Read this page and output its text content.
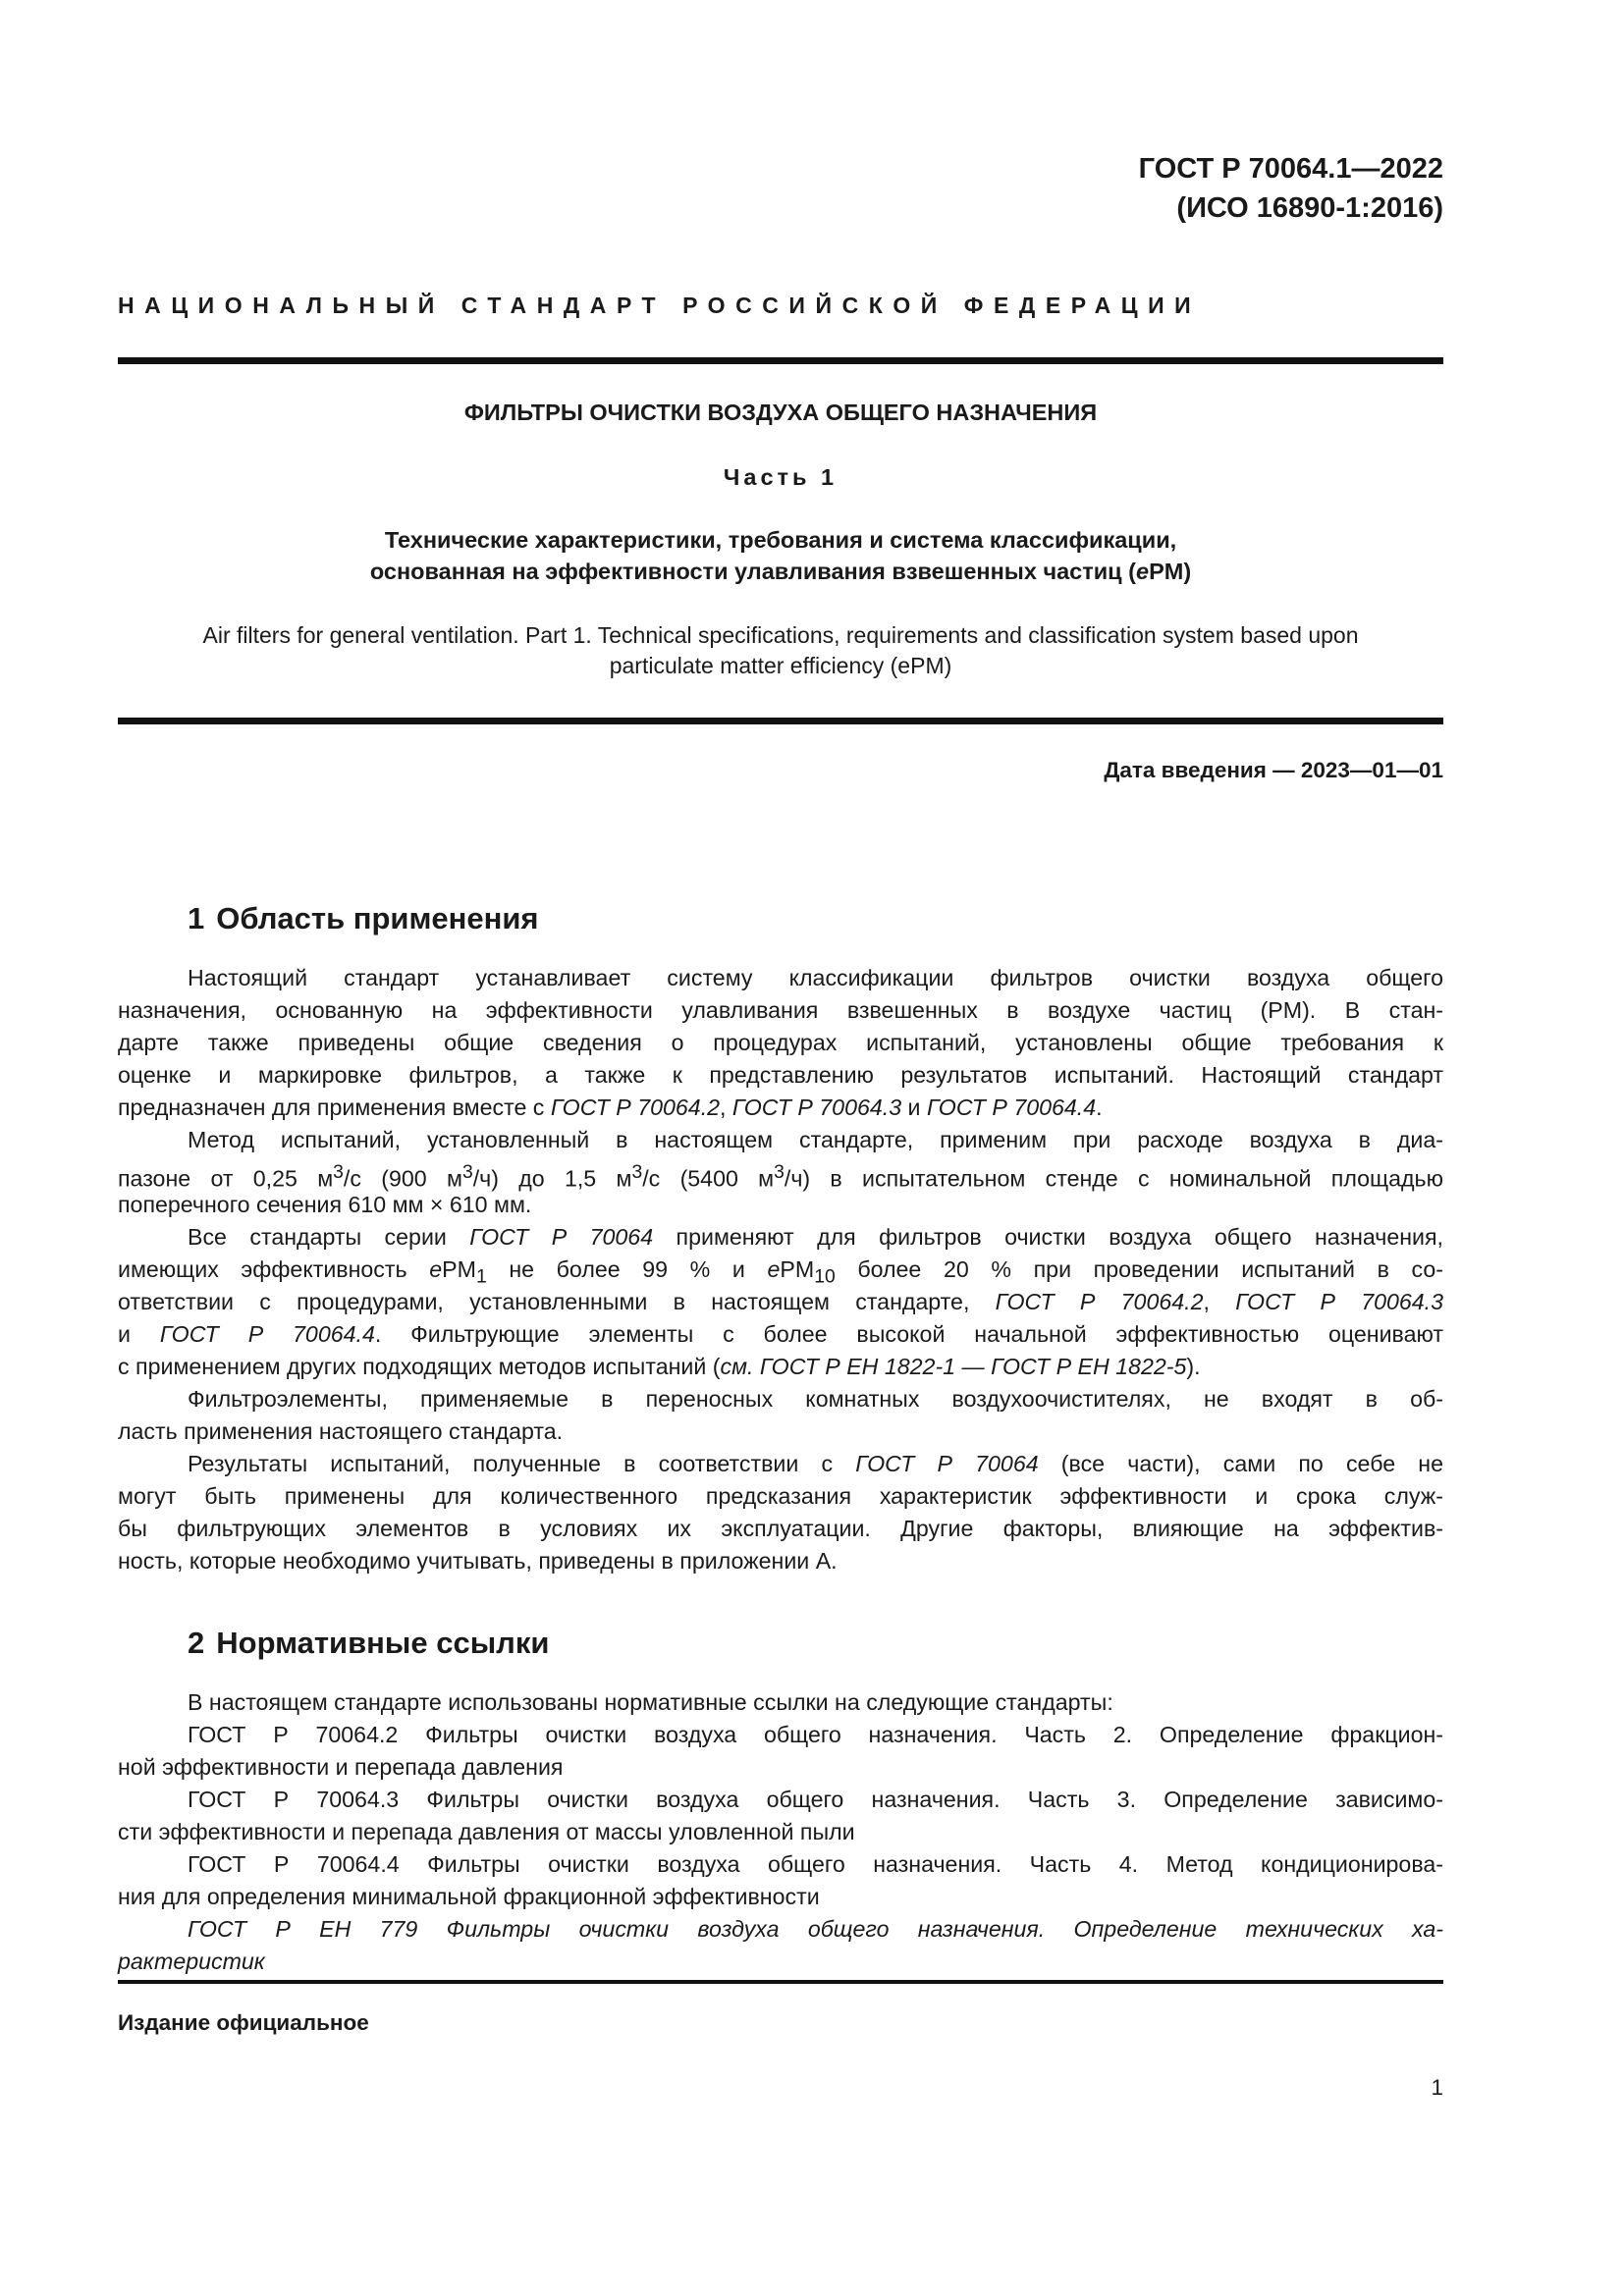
ГОСТ Р 70064.1—2022
(ИСО 16890-1:2016)
НАЦИОНАЛЬНЫЙ СТАНДАРТ РОССИЙСКОЙ ФЕДЕРАЦИИ
ФИЛЬТРЫ ОЧИСТКИ ВОЗДУХА ОБЩЕГО НАЗНАЧЕНИЯ
Часть 1
Технические характеристики, требования и система классификации,
основанная на эффективности улавливания взвешенных частиц (ePM)
Air filters for general ventilation. Part 1. Technical specifications, requirements and classification system based upon
particulate matter efficiency (ePM)
Дата введения — 2023—01—01
1 Область применения
Настоящий стандарт устанавливает систему классификации фильтров очистки воздуха общего
назначения, основанную на эффективности улавливания взвешенных в воздухе частиц (PM). В стан-
дарте также приведены общие сведения о процедурах испытаний, установлены общие требования к
оценке и маркировке фильтров, а также к представлению результатов испытаний. Настоящий стандарт
предназначен для применения вместе с ГОСТ Р 70064.2, ГОСТ Р 70064.3 и ГОСТ Р 70064.4.
Метод испытаний, установленный в настоящем стандарте, применим при расходе воздуха в диа-
пазоне от 0,25 $м^3/с$ (900 $м^3/ч$) до 1,5 $м^3/с$ (5400 $м^3/ч$) в испытательном стенде с номинальной площадью
поперечного сечения 610 мм × 610 мм.
Все стандарты серии ГОСТ Р 70064 применяют для фильтров очистки воздуха общего назначения,
имеющих эффективность ePM$_1$ не более 99 % и ePM$_{10}$ более 20 % при проведении испытаний в со-
ответствии с процедурами, установленными в настоящем стандарте, ГОСТ Р 70064.2, ГОСТ Р 70064.3
и ГОСТ Р 70064.4. Фильтрующие элементы с более высокой начальной эффективностью оценивают
с применением других подходящих методов испытаний (см. ГОСТ Р ЕН 1822-1 — ГОСТ Р ЕН 1822-5).
Фильтроэлементы, применяемые в переносных комнатных воздухоочистителях, не входят в об-
ласть применения настоящего стандарта.
Результаты испытаний, полученные в соответствии с ГОСТ Р 70064 (все части), сами по себе не
могут быть применены для количественного предсказания характеристик эффективности и срока служ-
бы фильтрующих элементов в условиях их эксплуатации. Другие факторы, влияющие на эффектив-
ность, которые необходимо учитывать, приведены в приложении А.
2 Нормативные ссылки
В настоящем стандарте использованы нормативные ссылки на следующие стандарты:
ГОСТ Р 70064.2 Фильтры очистки воздуха общего назначения. Часть 2. Определение фракцион-
ной эффективности и перепада давления
ГОСТ Р 70064.3 Фильтры очистки воздуха общего назначения. Часть 3. Определение зависимо-
сти эффективности и перепада давления от массы уловленной пыли
ГОСТ Р 70064.4 Фильтры очистки воздуха общего назначения. Часть 4. Метод кондиционирова-
ния для определения минимальной фракционной эффективности
ГОСТ Р ЕН 779 Фильтры очистки воздуха общего назначения. Определение технических ха-
рактеристик
Издание официальное
1
